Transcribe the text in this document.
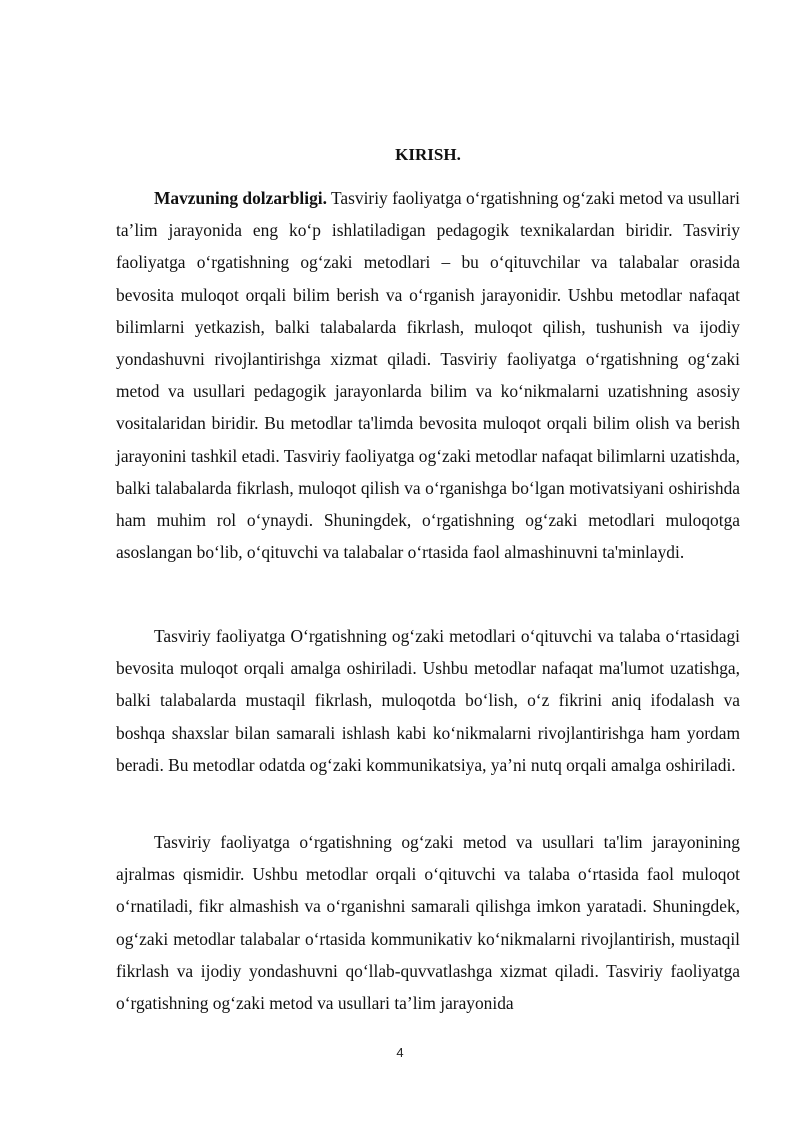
KIRISH.

Mavzuning dolzarbligi. Tasviriy faoliyatga o‘rgatishning og‘zaki metod va usullari ta’lim jarayonida eng ko‘p ishlatiladigan pedagogik texnikalardan biridir. Tasviriy faoliyatga o‘rgatishning og‘zaki metodlari – bu o‘qituvchilar va talabalar orasida bevosita muloqot orqali bilim berish va o‘rganish jarayonidir. Ushbu metodlar nafaqat bilimlarni yetkazish, balki talabalarda fikrlash, muloqot qilish, tushunish va ijodiy yondashuvni rivojlantirishga xizmat qiladi. Tasviriy faoliyatga o‘rgatishning og‘zaki metod va usullari pedagogik jarayonlarda bilim va ko‘nikmalarni uzatishning asosiy vositalaridan biridir. Bu metodlar ta'limda bevosita muloqot orqali bilim olish va berish jarayonini tashkil etadi. Tasviriy faoliyatga og‘zaki metodlar nafaqat bilimlarni uzatishda, balki talabalarda fikrlash, muloqot qilish va o‘rganishga bo‘lgan motivatsiyani oshirishda ham muhim rol o‘ynaydi. Shuningdek, o‘rgatishning og‘zaki metodlari muloqotga asoslangan bo‘lib, o‘qituvchi va talabalar o‘rtasida faol almashinuvni ta'minlaydi.

Tasviriy faoliyatga O‘rgatishning og‘zaki metodlari o‘qituvchi va talaba o‘rtasidagi bevosita muloqot orqali amalga oshiriladi. Ushbu metodlar nafaqat ma'lumot uzatishga, balki talabalarda mustaqil fikrlash, muloqotda bo‘lish, o‘z fikrini aniq ifodalash va boshqa shaxslar bilan samarali ishlash kabi ko‘nikmalarni rivojlantirishga ham yordam beradi. Bu metodlar odatda og‘zaki kommunikatsiya, ya’ni nutq orqali amalga oshiriladi.

Tasviriy faoliyatga o‘rgatishning og‘zaki metod va usullari ta'lim jarayonining ajralmas qismidir. Ushbu metodlar orqali o‘qituvchi va talaba o‘rtasida faol muloqot o‘rnatiladi, fikr almashish va o‘rganishni samarali qilishga imkon yaratadi. Shuningdek, og‘zaki metodlar talabalar o‘rtasida kommunikativ ko‘nikmalarni rivojlantirish, mustaqil fikrlash va ijodiy yondashuvni qo‘llab-quvvatlashga xizmat qiladi. Tasviriy faoliyatga o‘rgatishning og‘zaki metod va usullari ta’lim jarayonida

4
